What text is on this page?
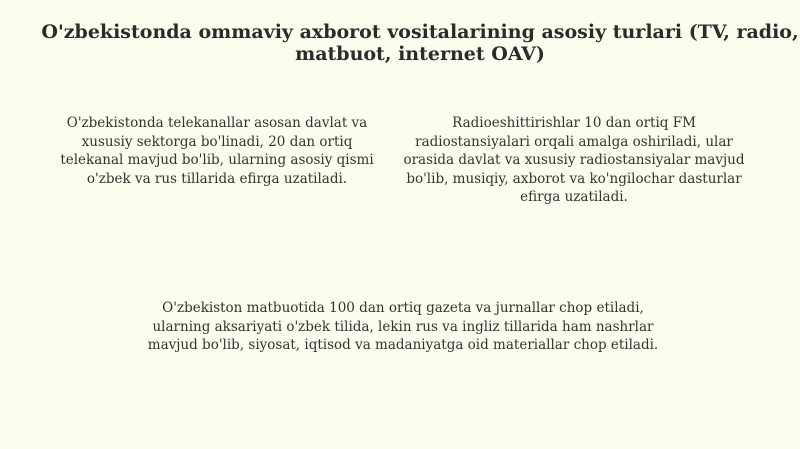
O'zbekistonda ommaviy axborot vositalarining asosiy turlari (TV, radio, matbuot, internet OAV)

O'zbekistonda telekanallar asosan davlat va xususiy sektorga bo'linadi, 20 dan ortiq telekanal mavjud bo'lib, ularning asosiy qismi o'zbek va rus tillarida efirga uzatiladi.

Radioeshittirishlar 10 dan ortiq FM radiostansiyalari orqali amalga oshiriladi, ular orasida davlat va xususiy radiostansiyalar mavjud bo'lib, musiqiy, axborot va ko'ngilochar dasturlar efirga uzatiladi.

O'zbekiston matbuotida 100 dan ortiq gazeta va jurnallar chop etiladi, ularning aksariyati o'zbek tilida, lekin rus va ingliz tillarida ham nashrlar mavjud bo'lib, siyosat, iqtisod va madaniyatga oid materiallar chop etiladi.
